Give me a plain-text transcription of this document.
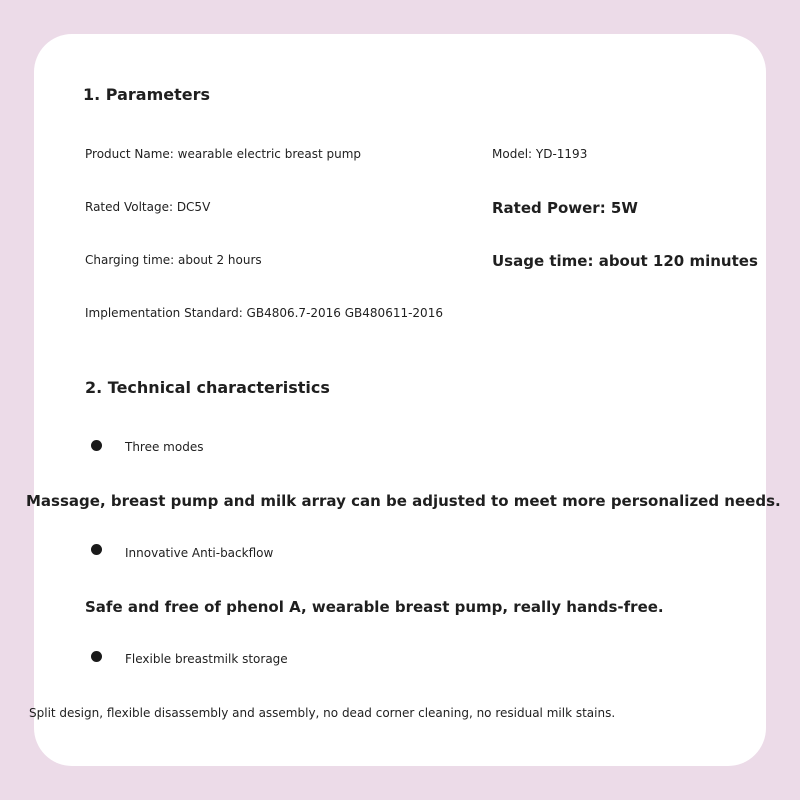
1. Parameters
Product Name: wearable electric breast pump	Model: YD-1193
Rated Voltage: DC5V	Rated Power: 5W
Charging time: about 2 hours	Usage time: about 120 minutes
Implementation Standard: GB4806.7-2016 GB480611-2016
2. Technical characteristics
Three modes
Massage, breast pump and milk array can be adjusted to meet more personalized needs.
Innovative Anti-backflow
Safe and free of phenol A, wearable breast pump, really hands-free.
Flexible breastmilk storage
Split design, flexible disassembly and assembly, no dead corner cleaning, no residual milk stains.
